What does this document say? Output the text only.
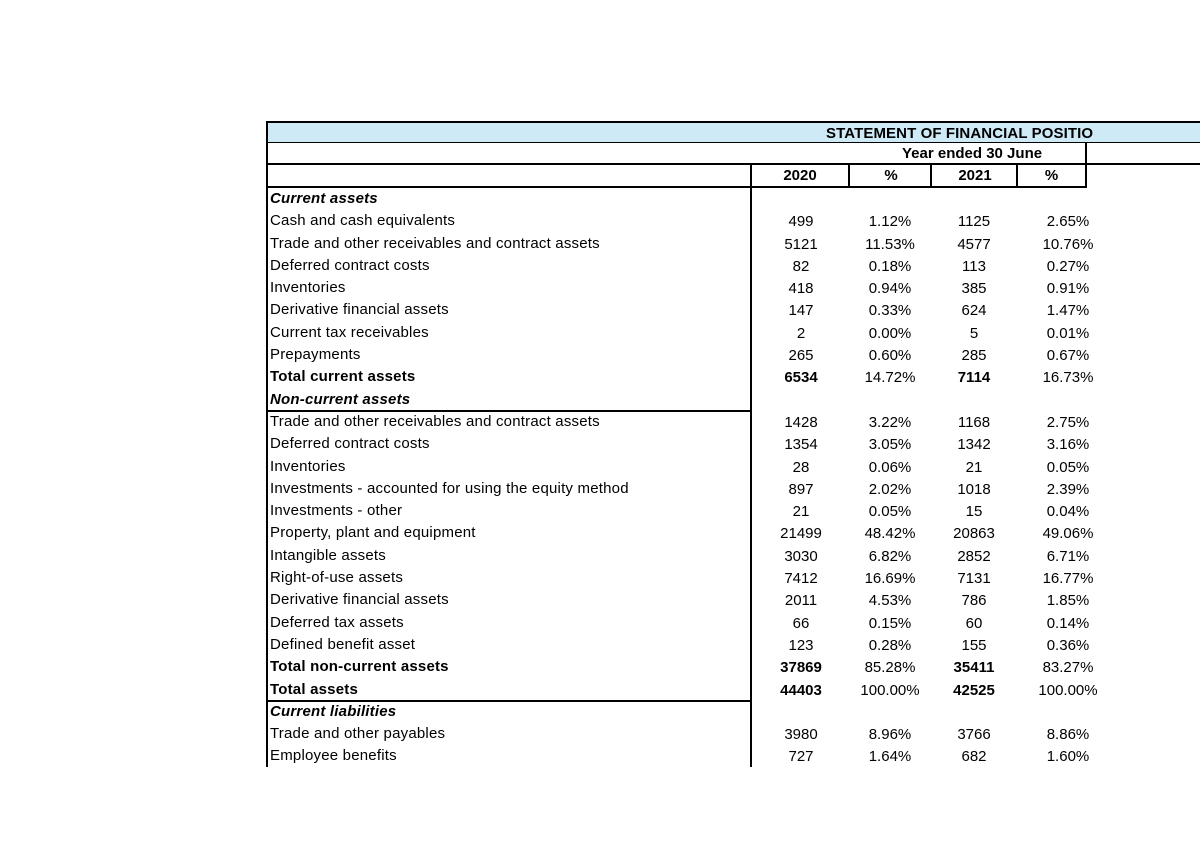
STATEMENT OF FINANCIAL POSITIO
Year ended 30 June
2020	%	2021	%
Current assets
Cash and cash equivalents	499	1.12%	1125	2.65%
Trade and other receivables and contract assets	5121	11.53%	4577	10.76%
Deferred contract costs	82	0.18%	113	0.27%
Inventories	418	0.94%	385	0.91%
Derivative financial assets	147	0.33%	624	1.47%
Current tax receivables	2	0.00%	5	0.01%
Prepayments	265	0.60%	285	0.67%
Total current assets	6534	14.72%	7114	16.73%
Non-current assets
Trade and other receivables and contract assets	1428	3.22%	1168	2.75%
Deferred contract costs	1354	3.05%	1342	3.16%
Inventories	28	0.06%	21	0.05%
Investments - accounted for using the equity method	897	2.02%	1018	2.39%
Investments - other	21	0.05%	15	0.04%
Property, plant and equipment	21499	48.42%	20863	49.06%
Intangible assets	3030	6.82%	2852	6.71%
Right-of-use assets	7412	16.69%	7131	16.77%
Derivative financial assets	2011	4.53%	786	1.85%
Deferred tax assets	66	0.15%	60	0.14%
Defined benefit asset	123	0.28%	155	0.36%
Total non-current assets	37869	85.28%	35411	83.27%
Total assets	44403	100.00%	42525	100.00%
Current liabilities
Trade and other payables	3980	8.96%	3766	8.86%
Employee benefits	727	1.64%	682	1.60%
